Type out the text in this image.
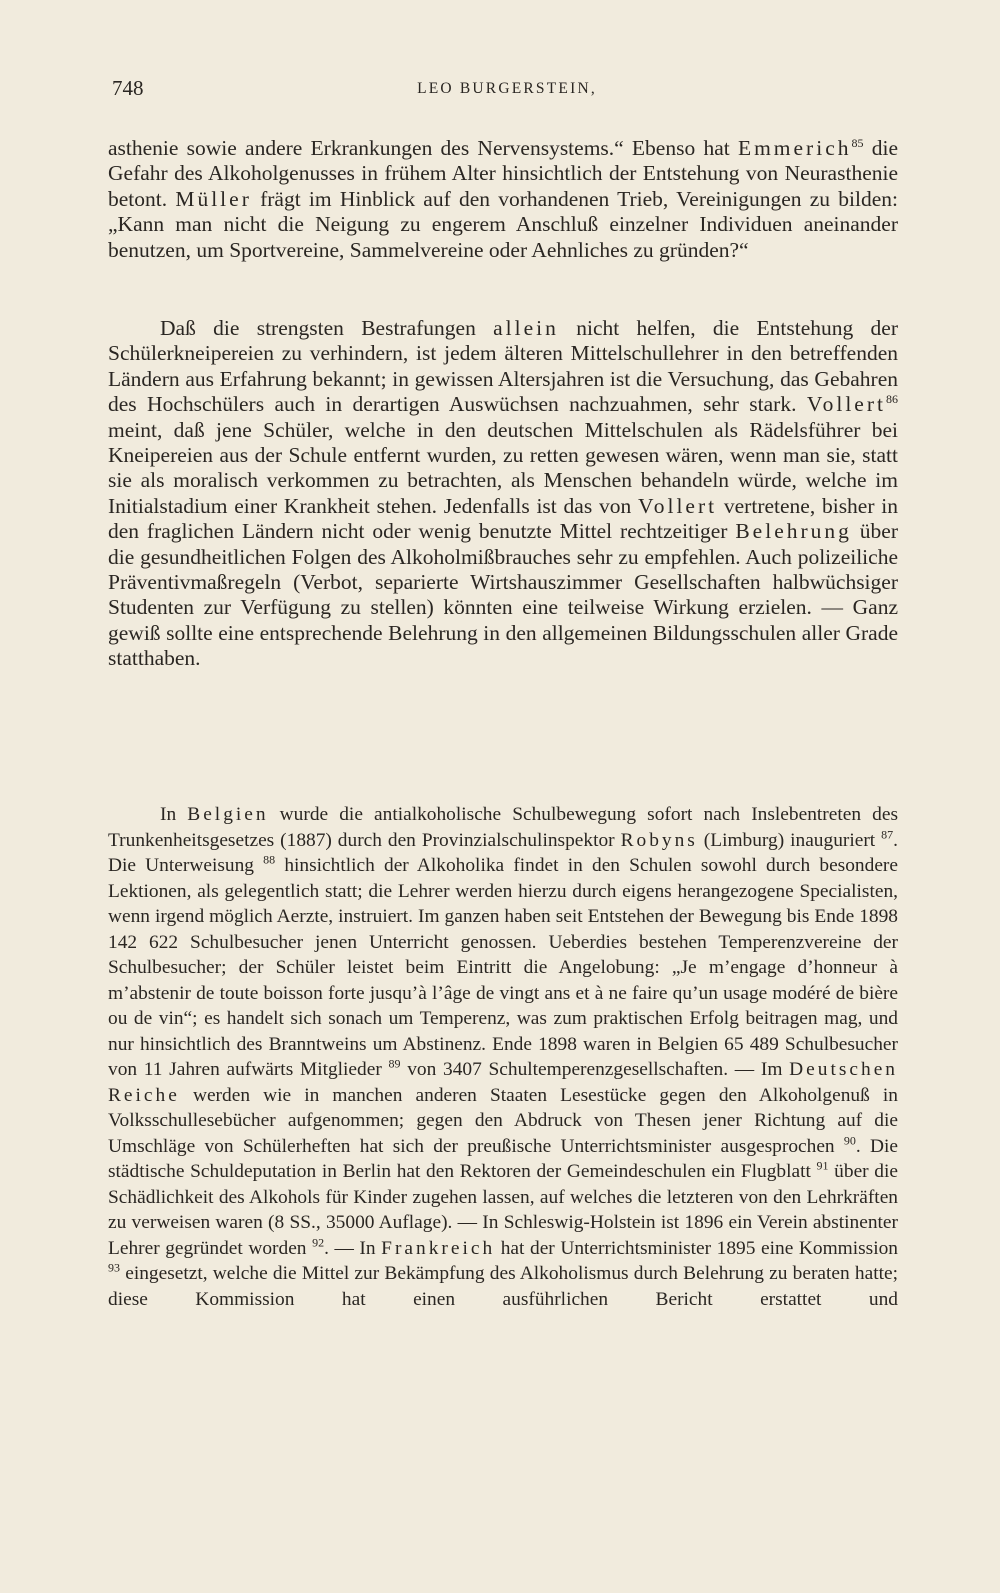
748	LEO BURGERSTEIN,

asthenie sowie andere Erkrankungen des Nervensystems.“ Ebenso hat Emmerich$^{85}$ die Gefahr des Alkoholgenusses in frühem Alter hinsichtlich der Entstehung von Neurasthenie betont. Müller frägt im Hinblick auf den vorhandenen Trieb, Vereinigungen zu bilden: „Kann man nicht die Neigung zu engerem Anschluß einzelner Individuen aneinander benutzen, um Sportvereine, Sammelvereine oder Aehnliches zu gründen?“

Daß die strengsten Bestrafungen allein nicht helfen, die Entstehung der Schülerkneipereien zu verhindern, ist jedem älteren Mittelschullehrer in den betreffenden Ländern aus Erfahrung bekannt; in gewissen Altersjahren ist die Versuchung, das Gebahren des Hochschülers auch in derartigen Auswüchsen nachzuahmen, sehr stark. Vollert$^{86}$ meint, daß jene Schüler, welche in den deutschen Mittelschulen als Rädelsführer bei Kneipereien aus der Schule entfernt wurden, zu retten gewesen wären, wenn man sie, statt sie als moralisch verkommen zu betrachten, als Menschen behandeln würde, welche im Initialstadium einer Krankheit stehen. Jedenfalls ist das von Vollert vertretene, bisher in den fraglichen Ländern nicht oder wenig benutzte Mittel rechtzeitiger Belehrung über die gesundheitlichen Folgen des Alkoholmißbrauches sehr zu empfehlen. Auch polizeiliche Präventivmaßregeln (Verbot, separierte Wirtshauszimmer Gesellschaften halbwüchsiger Studenten zur Verfügung zu stellen) könnten eine teilweise Wirkung erzielen. — Ganz gewiß sollte eine entsprechende Belehrung in den allgemeinen Bildungsschulen aller Grade statthaben.

In Belgien wurde die antialkoholische Schulbewegung sofort nach Inslebentreten des Trunkenheitsgesetzes (1887) durch den Provinzialschulinspektor Robyns (Limburg) inauguriert $^{87}$. Die Unterweisung $^{88}$ hinsichtlich der Alkoholika findet in den Schulen sowohl durch besondere Lektionen, als gelegentlich statt; die Lehrer werden hierzu durch eigens herangezogene Specialisten, wenn irgend möglich Aerzte, instruiert. Im ganzen haben seit Entstehen der Bewegung bis Ende 1898 142 622 Schulbesucher jenen Unterricht genossen. Ueberdies bestehen Temperenzvereine der Schulbesucher; der Schüler leistet beim Eintritt die Angelobung: „Je m’engage d’honneur à m’abstenir de toute boisson forte jusqu’à l’âge de vingt ans et à ne faire qu’un usage modéré de bière ou de vin“; es handelt sich sonach um Temperenz, was zum praktischen Erfolg beitragen mag, und nur hinsichtlich des Branntweins um Abstinenz. Ende 1898 waren in Belgien 65 489 Schulbesucher von 11 Jahren aufwärts Mitglieder $^{89}$ von 3407 Schultemperenzgesellschaften. — Im Deutschen Reiche werden wie in manchen anderen Staaten Lesestücke gegen den Alkoholgenuß in Volksschullesebücher aufgenommen; gegen den Abdruck von Thesen jener Richtung auf die Umschläge von Schülerheften hat sich der preußische Unterrichtsminister ausgesprochen $^{90}$. Die städtische Schuldeputation in Berlin hat den Rektoren der Gemeindeschulen ein Flugblatt $^{91}$ über die Schädlichkeit des Alkohols für Kinder zugehen lassen, auf welches die letzteren von den Lehrkräften zu verweisen waren (8 SS., 35000 Auflage). — In Schleswig-Holstein ist 1896 ein Verein abstinenter Lehrer gegründet worden $^{92}$. — In Frankreich hat der Unterrichtsminister 1895 eine Kommission $^{93}$ eingesetzt, welche die Mittel zur Bekämpfung des Alkoholismus durch Belehrung zu beraten hatte; diese Kommission hat einen ausführlichen Bericht erstattet und
